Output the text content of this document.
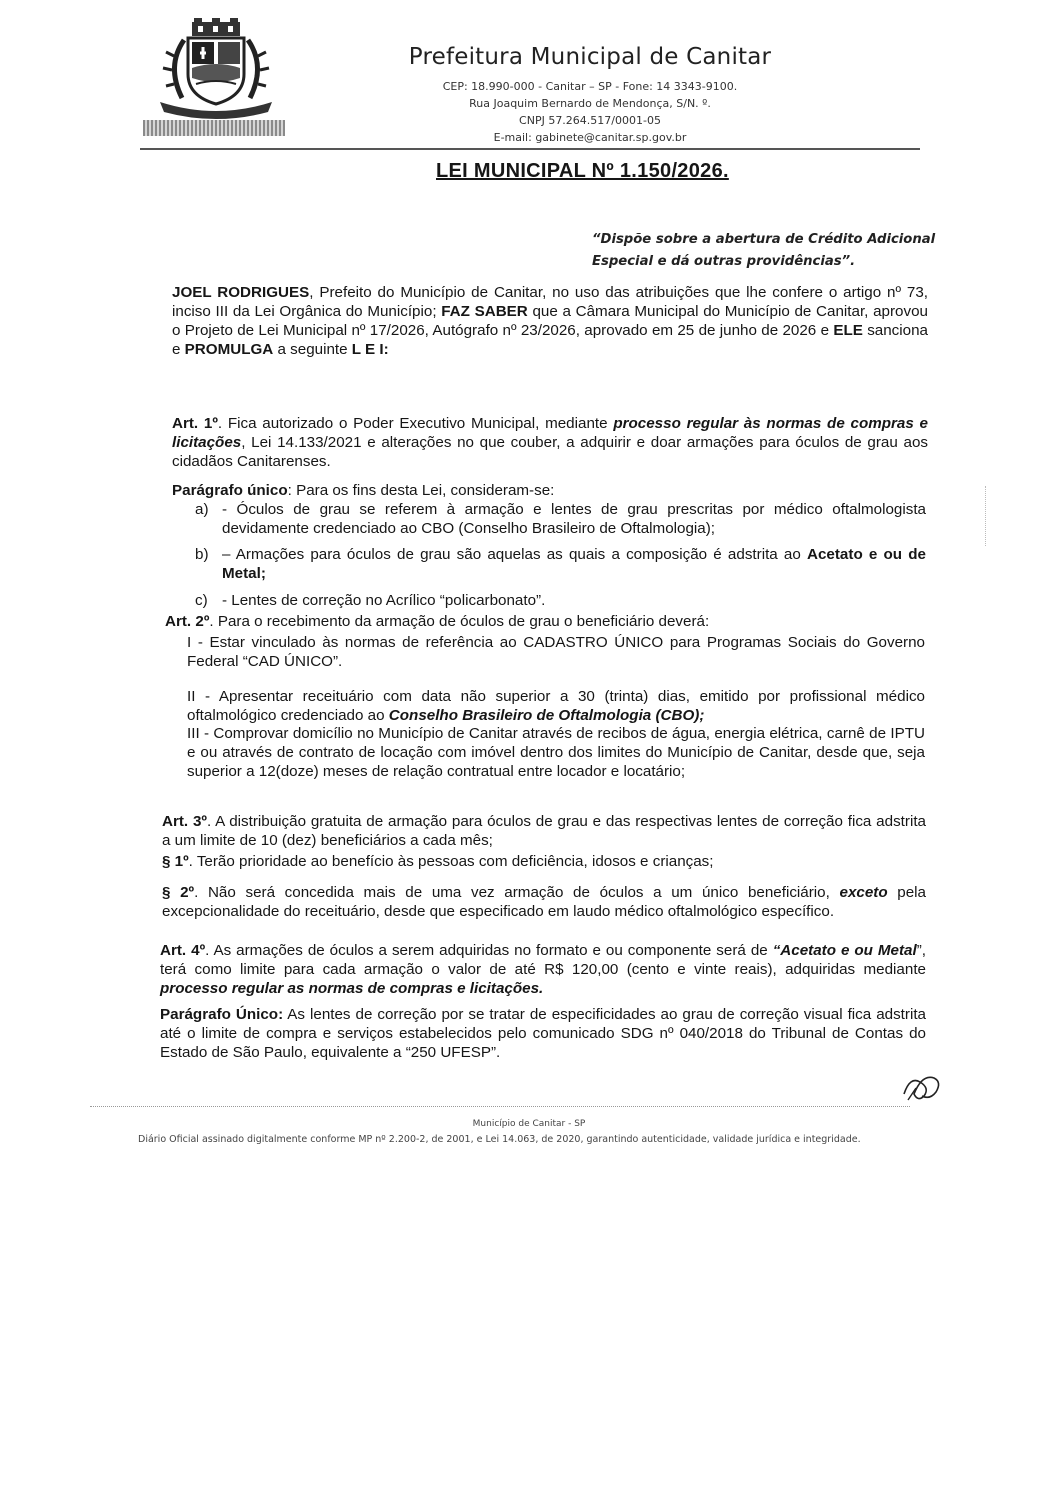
Prefeitura Municipal de Canitar
CEP: 18.990-000 - Canitar – SP - Fone: 14 3343-9100.
Rua Joaquim Bernardo de Mendonça, S/N. º.
CNPJ 57.264.517/0001-05
E-mail: gabinete@canitar.sp.gov.br
LEI MUNICIPAL Nº 1.150/2026.
“Dispõe sobre a abertura de Crédito Adicional
Especial e dá outras providências”.
JOEL RODRIGUES, Prefeito do Município de Canitar, no uso das atribuições que lhe confere o artigo nº 73, inciso III da Lei Orgânica do Município; FAZ SABER que a Câmara Municipal do Município de Canitar, aprovou o Projeto de Lei Municipal nº 17/2026, Autógrafo nº 23/2026, aprovado em 25 de junho de 2026 e ELE sanciona e PROMULGA a seguinte L E I:
Art. 1º. Fica autorizado o Poder Executivo Municipal, mediante processo regular às normas de compras e licitações, Lei 14.133/2021 e alterações no que couber, a adquirir e doar armações para óculos de grau aos cidadãos Canitarenses.
Parágrafo único: Para os fins desta Lei, consideram-se:
a) - Óculos de grau se referem à armação e lentes de grau prescritas por médico oftalmologista devidamente credenciado ao CBO (Conselho Brasileiro de Oftalmologia);
b) – Armações para óculos de grau são aquelas as quais a composição é adstrita ao Acetato e ou de Metal;
c) - Lentes de correção no Acrílico “policarbonato”.
Art. 2º. Para o recebimento da armação de óculos de grau o beneficiário deverá:
I - Estar vinculado às normas de referência ao CADASTRO ÚNICO para Programas Sociais do Governo Federal “CAD ÚNICO”.
II - Apresentar receituário com data não superior a 30 (trinta) dias, emitido por profissional médico oftalmológico credenciado ao Conselho Brasileiro de Oftalmologia (CBO);
III - Comprovar domicílio no Município de Canitar através de recibos de água, energia elétrica, carnê de IPTU e ou através de contrato de locação com imóvel dentro dos limites do Município de Canitar, desde que, seja superior a 12(doze) meses de relação contratual entre locador e locatário;
Art. 3º. A distribuição gratuita de armação para óculos de grau e das respectivas lentes de correção fica adstrita a um limite de 10 (dez) beneficiários a cada mês;
§ 1º. Terão prioridade ao benefício às pessoas com deficiência, idosos e crianças;
§ 2º. Não será concedida mais de uma vez armação de óculos a um único beneficiário, exceto pela excepcionalidade do receituário, desde que especificado em laudo médico oftalmológico específico.
Art. 4º. As armações de óculos a serem adquiridas no formato e ou componente será de “Acetato e ou Metal”, terá como limite para cada armação o valor de até R$ 120,00 (cento e vinte reais), adquiridas mediante processo regular as normas de compras e licitações.
Parágrafo Único: As lentes de correção por se tratar de especificidades ao grau de correção visual fica adstrita até o limite de compra e serviços estabelecidos pelo comunicado SDG nº 040/2018 do Tribunal de Contas do Estado de São Paulo, equivalente a “250 UFESP”.
Município de Canitar - SP
Diário Oficial assinado digitalmente conforme MP nº 2.200-2, de 2001, e Lei 14.063, de 2020, garantindo autenticidade, validade jurídica e integridade.
